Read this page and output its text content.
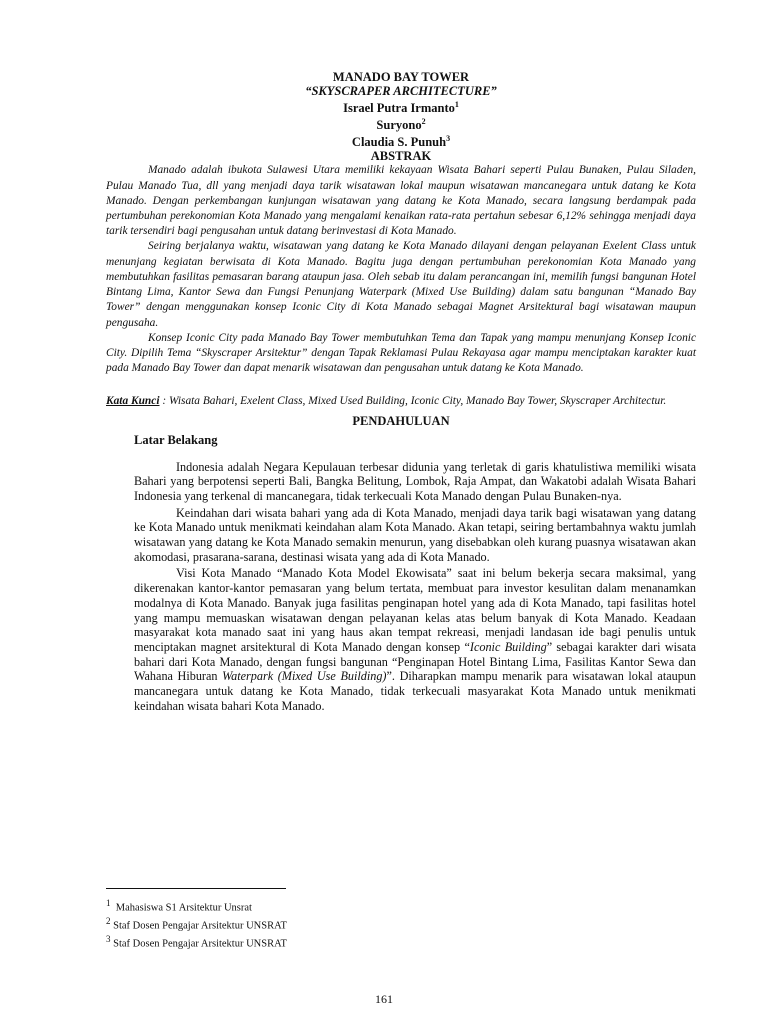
MANADO BAY TOWER
“SKYSCRAPER ARCHITECTURE”
Israel Putra Irmanto$^1$
Suryono$^2$
Claudia S. Punuh$^3$
ABSTRAK

Manado adalah ibukota Sulawesi Utara memiliki kekayaan Wisata Bahari seperti Pulau Bunaken, Pulau Siladen, Pulau Manado Tua, dll yang menjadi daya tarik wisatawan lokal maupun wisatawan mancanegara untuk datang ke Kota Manado. Dengan perkembangan kunjungan wisatawan yang datang ke Kota Manado, secara langsung berdampak pada pertumbuhan perekonomian Kota Manado yang mengalami kenaikan rata-rata pertahun sebesar 6,12% sehingga menjadi daya tarik tersendiri bagi pengusahan untuk datang berinvestasi di Kota Manado.

Seiring berjalanya waktu, wisatawan yang datang ke Kota Manado dilayani dengan pelayanan Exelent Class untuk menunjang kegiatan berwisata di Kota Manado. Bagitu juga dengan pertumbuhan perekonomian Kota Manado yang membutuhkan fasilitas pemasaran barang ataupun jasa. Oleh sebab itu dalam perancangan ini, memilih fungsi bangunan Hotel Bintang Lima, Kantor Sewa dan Fungsi Penunjang Waterpark (Mixed Use Building) dalam satu bangunan “Manado Bay Tower” dengan menggunakan konsep Iconic City di Kota Manado sebagai Magnet Arsitektural bagi wisatawan maupun pengusaha.

Konsep Iconic City pada Manado Bay Tower membutuhkan Tema dan Tapak yang mampu menunjang Konsep Iconic City. Dipilih Tema “Skyscraper Arsitektur” dengan Tapak Reklamasi Pulau Rekayasa agar mampu menciptakan karakter kuat pada Manado Bay Tower dan dapat menarik wisatawan dan pengusahan untuk datang ke Kota Manado.

Kata Kunci : Wisata Bahari, Exelent Class, Mixed Used Building, Iconic City, Manado Bay Tower, Skyscraper Architectur.
PENDAHULUAN
Latar Belakang

Indonesia adalah Negara Kepulauan terbesar didunia yang terletak di garis khatulistiwa memiliki wisata Bahari yang berpotensi seperti Bali, Bangka Belitung, Lombok, Raja Ampat, dan Wakatobi adalah Wisata Bahari Indonesia yang terkenal di mancanegara, tidak terkecuali Kota Manado dengan Pulau Bunaken-nya.

Keindahan dari wisata bahari yang ada di Kota Manado, menjadi daya tarik bagi wisatawan yang datang ke Kota Manado untuk menikmati keindahan alam Kota Manado. Akan tetapi, seiring bertambahnya waktu jumlah wisatawan yang datang ke Kota Manado semakin menurun, yang disebabkan oleh kurang puasnya wisatawan akan akomodasi, prasarana-sarana, destinasi wisata yang ada di Kota Manado.

Visi Kota Manado “Manado Kota Model Ekowisata” saat ini belum bekerja secara maksimal, yang dikerenakan kantor-kantor pemasaran yang belum tertata, membuat para investor kesulitan dalam menanamkan modalnya di Kota Manado. Banyak juga fasilitas penginapan hotel yang ada di Kota Manado, tapi fasilitas hotel yang mampu memuaskan wisatawan dengan pelayanan kelas atas belum banyak di Kota Manado. Keadaan masyarakat kota manado saat ini yang haus akan tempat rekreasi, menjadi landasan ide bagi penulis untuk menciptakan magnet arsitektural di Kota Manado dengan konsep “Iconic Building” sebagai karakter dari wisata bahari dari Kota Manado, dengan fungsi bangunan “Penginapan Hotel Bintang Lima, Fasilitas Kantor Sewa dan Wahana Hiburan Waterpark (Mixed Use Building)”. Diharapkan mampu menarik para wisatawan lokal ataupun mancanegara untuk datang ke Kota Manado, tidak terkecuali masyarakat Kota Manado untuk menikmati keindahan wisata bahari Kota Manado.

$^1$ Mahasiswa S1 Arsitektur Unsrat
$^2$ Staf Dosen Pengajar Arsitektur UNSRAT
$^3$ Staf Dosen Pengajar Arsitektur UNSRAT
161
